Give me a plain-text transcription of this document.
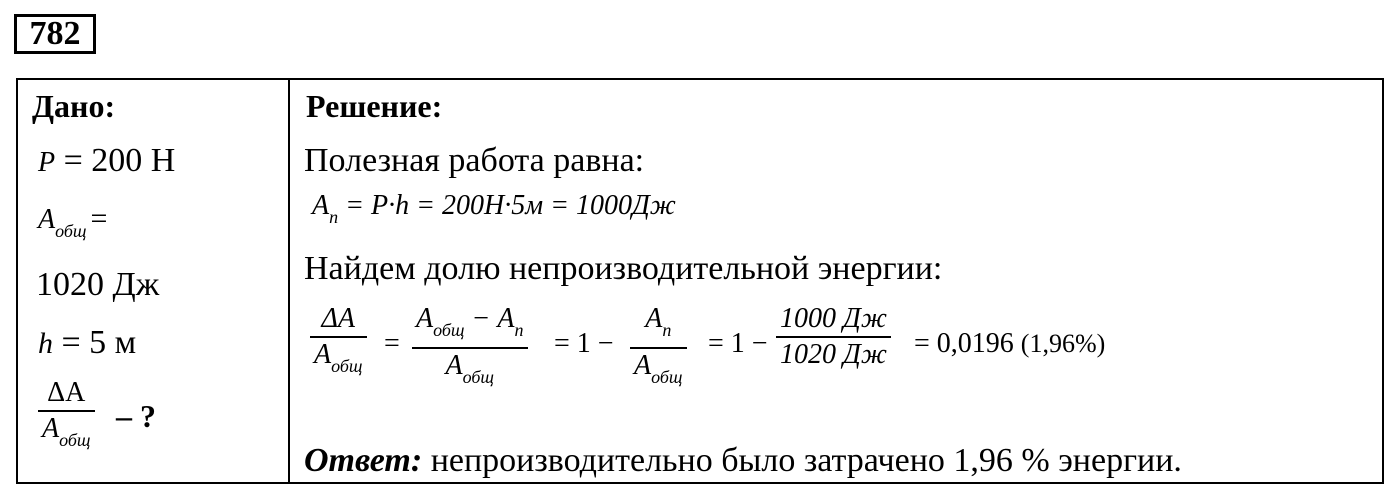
782
Дано:
P = 200 Н
Aобщ =
1020 Дж
h = 5 м
ΔA
$A_{общ}$
– ?
Решение:
Полезная работа равна:
$A_п = P\cdot h = 200Н\cdot 5м = 1000Дж$
Найдем долю непроизводительной энергии:
ΔA
$A_{общ}$
=
$A_{общ} - A_п$
$A_{общ}$
= 1 −
$A_п$
$A_{общ}$
= 1 −
1000 Дж
1020 Дж = 0,0196 (1,96%)
Ответ: непроизводительно было затрачено 1,96 % энергии.
